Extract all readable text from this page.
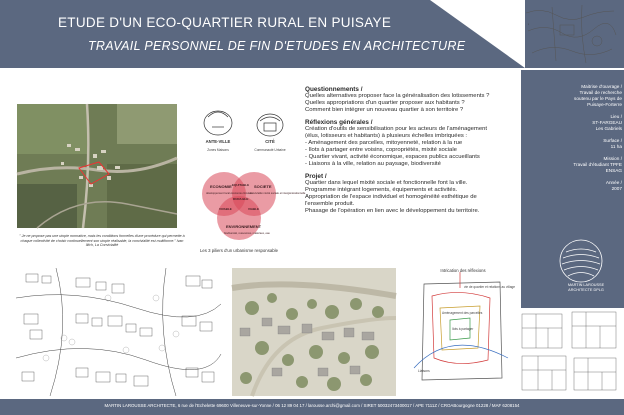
ETUDE D'UN ECO-QUARTIER RURAL EN PUISAYE
TRAVAIL PERSONNEL DE FIN D'ETUDES EN ARCHITECTURE
▪

Maitrise d'ouvrage /
Travail de recherche
soutenu par le Pays de
Puisaye-Forterre

Lieu /
ST-FARGEAU
Les Gabriels

Surface /
11 ha

Mission /
Travail d'étudiant TPFE
ENSAG

Année /
2007

MARTIN LAROUSSE
ARCHITECTE DPLG
" Je ne propose pas une utopie normative, mais les conditions formelles d'une procédure qui permette à chaque collectivité de choisir continuellement son utopie réalisable, la convivialité est multiforme." Ivan Illich, La Convivialité
ANTE-VILLE
Zones Maisons
CITÉ
Communauté Urbaine
ECONOMIE
développement local économie circulaire
SOCIETE
convivialité mixité sociale et intergénérationnelle
ENVIRONNEMENT
biodiversité, ressources, matériaux, eau
EQUITABLE
VIVABLE	VIABLE
DURA BLE
Les 3 piliers d'un urbanisme responsable
Questionnements /

Quelles alternatives proposer face la généralisation des lotissements ?

Quelles appropriations d'un quartier proposer aux habitants ?

Comment bien intégrer un nouveau quartier à son territoire ?

Réflexions générales /

Création d'outils de sensibilisation pour les acteurs de l'aménagement

(élus, lotisseurs et habitants) à plusieurs échelles imbriquées :

- Aménagement des parcelles, mitoyenneté, relation à la rue

- Ilots à partager entre voisins, copropriétés, mixité sociale

- Quartier vivant, activité économique, espaces publics accueillants

- Liaisons à la ville, relation au paysage, biodiversité

Projet /

Quartier dans lequel mixité sociale et fonctionnelle font la ville.

Programme intégrant logements, équipements et activités.

Appropriation de l'espace individuel et homogénéité esthétique de

l'ensemble produit.

Phasage de l'opération en lien avec le développement du territoire.

vie de quartier et relations au village
Aménagement des parcelles
Ilots à partager
Liaisons
Intrication des réflexions
MARTIN LAROUSSE ARCHITECTE, 6 rue de l'Echelette 69600 Villeneuve-sur-Yonne / 06 12 89 04 17 / larousse.archi@gmail.com / SIRET 50032473400017 / APE 7111Z / CROABourgogne 01228 / MAF 6208154
